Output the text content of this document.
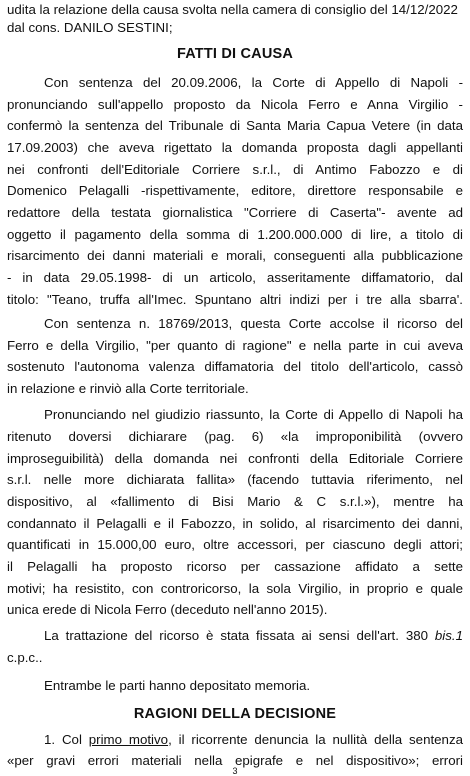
udita la relazione della causa svolta nella camera di consiglio del 14/12/2022
dal cons. DANILO SESTINI;
FATTI DI CAUSA
Con sentenza del 20.09.2006, la Corte di Appello di Napoli -
pronunciando sull'appello proposto da Nicola Ferro e Anna Virgilio -
confermò la sentenza del Tribunale di Santa Maria Capua Vetere (in data
17.09.2003) che aveva rigettato la domanda proposta dagli appellanti
nei confronti dell'Editoriale Corriere s.r.l., di Antimo Fabozzo e di
Domenico Pelagalli -rispettivamente, editore, direttore responsabile e
redattore della testata giornalistica "Corriere di Caserta"- avente ad
oggetto il pagamento della somma di 1.200.000.000 di lire, a titolo di
risarcimento dei danni materiali e morali, conseguenti alla pubblicazione
- in data 29.05.1998- di un articolo, asseritamente diffamatorio, dal
titolo: "Teano, truffa all'Imec. Spuntano altri indizi per i tre alla sbarra'.
Con sentenza n. 18769/2013, questa Corte accolse il ricorso del
Ferro e della Virgilio, "per quanto di ragione" e nella parte in cui aveva
sostenuto l'autonoma valenza diffamatoria del titolo dell'articolo, cassò
in relazione e rinviò alla Corte territoriale.
Pronunciando nel giudizio riassunto, la Corte di Appello di Napoli ha
ritenuto doversi dichiarare (pag. 6) «la improponibilità (ovvero
improseguibilità) della domanda nei confronti della Editoriale Corriere
s.r.l. nelle more dichiarata fallita» (facendo tuttavia riferimento, nel
dispositivo, al «fallimento di Bisi Mario & C s.r.l.»), mentre ha
condannato il Pelagalli e il Fabozzo, in solido, al risarcimento dei danni,
quantificati in 15.000,00 euro, oltre accessori, per ciascuno degli attori;
il Pelagalli ha proposto ricorso per cassazione affidato a sette
motivi; ha resistito, con controricorso, la sola Virgilio, in proprio e quale
unica erede di Nicola Ferro (deceduto nell'anno 2015).
La trattazione del ricorso è stata fissata ai sensi dell'art. 380 bis.1
c.p.c..
Entrambe le parti hanno depositato memoria.
RAGIONI DELLA DECISIONE
1. Col primo motivo, il ricorrente denuncia la nullità della sentenza
«per gravi errori materiali nella epigrafe e nel dispositivo»; errori
3
